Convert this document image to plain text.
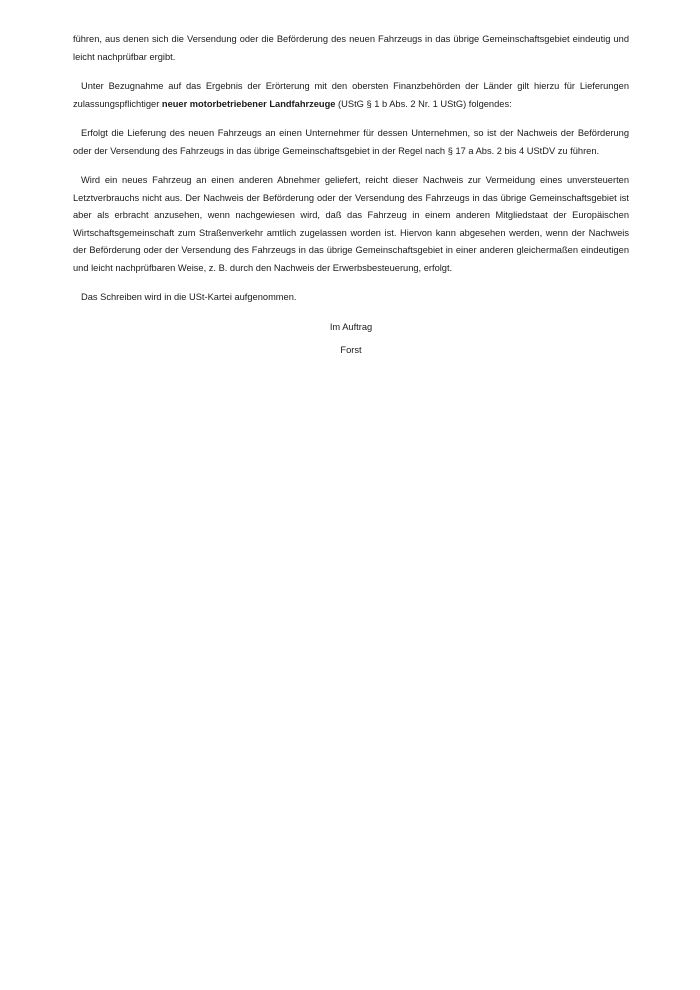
führen, aus denen sich die Versendung oder die Beförderung des neuen Fahrzeugs in das übrige Gemeinschaftsgebiet eindeutig und leicht nachprüfbar ergibt.

Unter Bezugnahme auf das Ergebnis der Erörterung mit den obersten Finanzbehörden der Länder gilt hierzu für Lieferungen zulassungspflichtiger neuer motorbetriebener Landfahrzeuge (UStG § 1 b Abs. 2 Nr. 1 UStG) folgendes:

Erfolgt die Lieferung des neuen Fahrzeugs an einen Unternehmer für dessen Unternehmen, so ist der Nachweis der Beförderung oder der Versendung des Fahrzeugs in das übrige Gemeinschaftsgebiet in der Regel nach § 17 a Abs. 2 bis 4 UStDV zu führen.

Wird ein neues Fahrzeug an einen anderen Abnehmer geliefert, reicht dieser Nachweis zur Vermeidung eines unversteuerten Letztverbrauchs nicht aus. Der Nachweis der Beförderung oder der Versendung des Fahrzeugs in das übrige Gemeinschaftsgebiet ist aber als erbracht anzusehen, wenn nachgewiesen wird, daß das Fahrzeug in einem anderen Mitgliedstaat der Europäischen Wirtschaftsgemeinschaft zum Straßenverkehr amtlich zugelassen worden ist. Hiervon kann abgesehen werden, wenn der Nachweis der Beförderung oder der Versendung des Fahrzeugs in das übrige Gemeinschaftsgebiet in einer anderen gleichermaßen eindeutigen und leicht nachprüfbaren Weise, z. B. durch den Nachweis der Erwerbsbesteuerung, erfolgt.

Das Schreiben wird in die USt-Kartei aufgenommen.

Im Auftrag

Forst
